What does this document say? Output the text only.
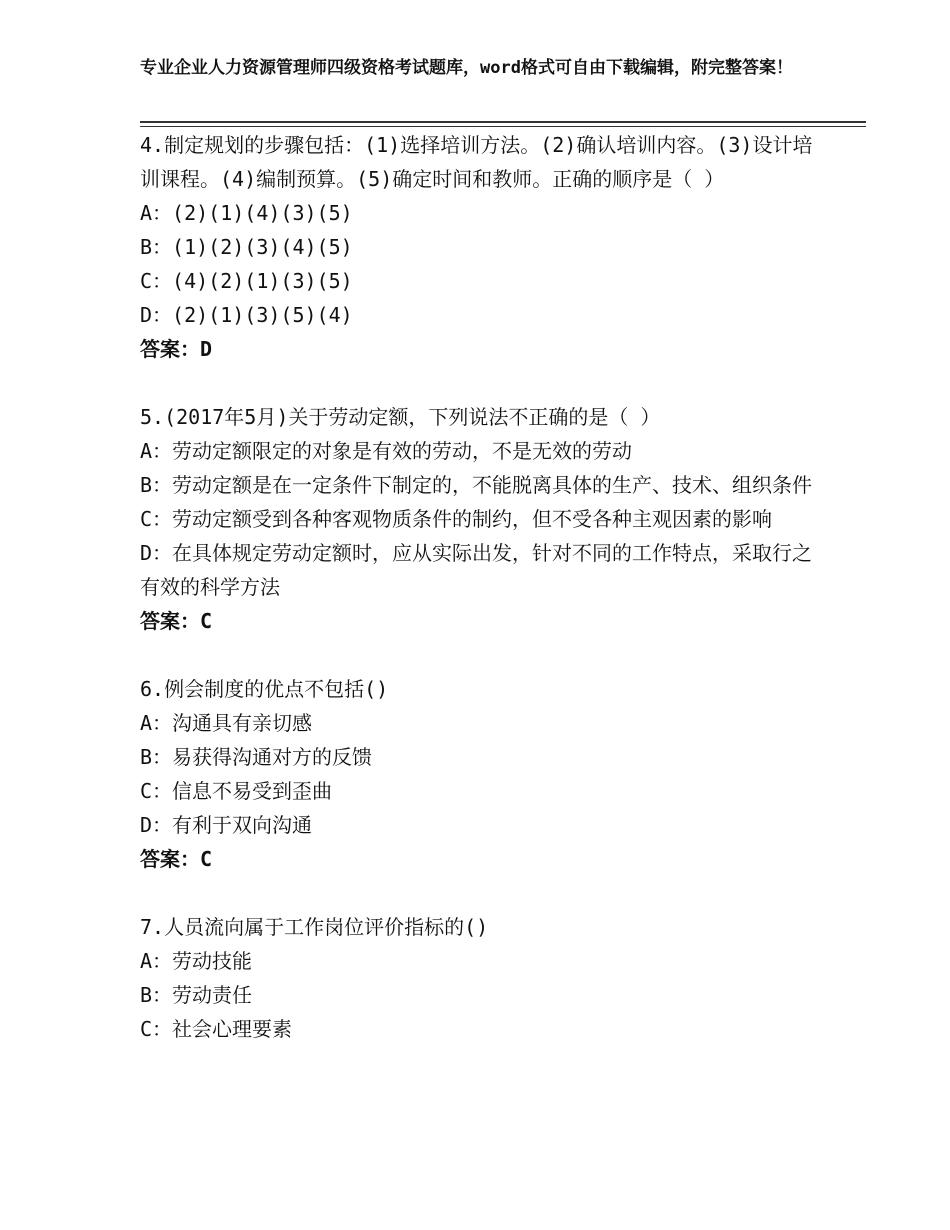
专业企业人力资源管理师四级资格考试题库，word格式可自由下载编辑，附完整答案！

4.制定规划的步骤包括：(1)选择培训方法。(2)确认培训内容。(3)设计培训课程。(4)编制预算。(5)确定时间和教师。正确的顺序是（ ）

A：(2)(1)(4)(3)(5)

B：(1)(2)(3)(4)(5)

C：(4)(2)(1)(3)(5)

D：(2)(1)(3)(5)(4)

答案：D

5.(2017年5月)关于劳动定额，下列说法不正确的是（ ）

A：劳动定额限定的对象是有效的劳动，不是无效的劳动

B：劳动定额是在一定条件下制定的，不能脱离具体的生产、技术、组织条件

C：劳动定额受到各种客观物质条件的制约，但不受各种主观因素的影响

D：在具体规定劳动定额时，应从实际出发，针对不同的工作特点，采取行之有效的科学方法

答案：C

6.例会制度的优点不包括()

A：沟通具有亲切感

B：易获得沟通对方的反馈

C：信息不易受到歪曲

D：有利于双向沟通

答案：C

7.人员流向属于工作岗位评价指标的()

A：劳动技能

B：劳动责任

C：社会心理要素
